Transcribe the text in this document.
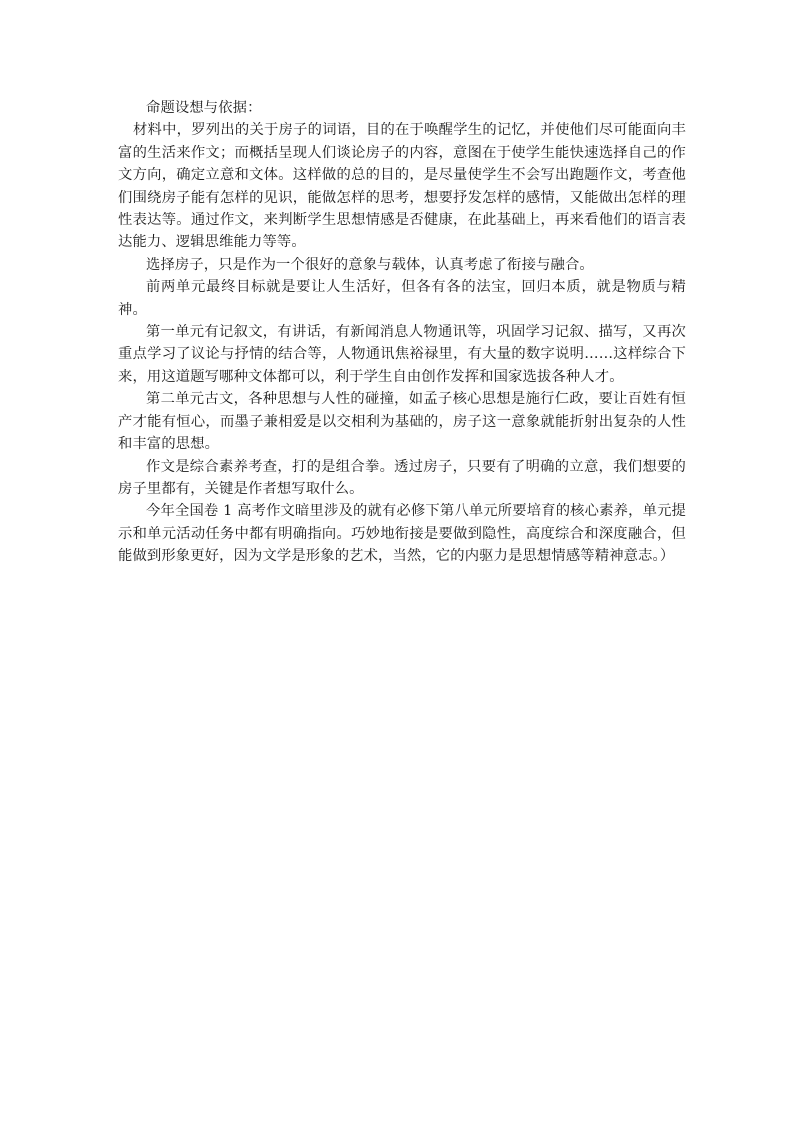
命题设想与依据：

材料中，罗列出的关于房子的词语，目的在于唤醒学生的记忆，并使他们尽可能面向丰富的生活来作文；而概括呈现人们谈论房子的内容，意图在于使学生能快速选择自己的作文方向，确定立意和文体。这样做的总的目的，是尽量使学生不会写出跑题作文，考查他们围绕房子能有怎样的见识，能做怎样的思考，想要抒发怎样的感情，又能做出怎样的理性表达等。通过作文，来判断学生思想情感是否健康，在此基础上，再来看他们的语言表达能力、逻辑思维能力等等。

选择房子，只是作为一个很好的意象与载体，认真考虑了衔接与融合。

前两单元最终目标就是要让人生活好，但各有各的法宝，回归本质，就是物质与精神。

第一单元有记叙文，有讲话，有新闻消息人物通讯等，巩固学习记叙、描写，又再次重点学习了议论与抒情的结合等，人物通讯焦裕禄里，有大量的数字说明……这样综合下来，用这道题写哪种文体都可以，利于学生自由创作发挥和国家选拔各种人才。

第二单元古文，各种思想与人性的碰撞，如孟子核心思想是施行仁政，要让百姓有恒产才能有恒心，而墨子兼相爱是以交相利为基础的，房子这一意象就能折射出复杂的人性和丰富的思想。

作文是综合素养考查，打的是组合拳。透过房子，只要有了明确的立意，我们想要的房子里都有，关键是作者想写取什么。

今年全国卷 1 高考作文暗里涉及的就有必修下第八单元所要培育的核心素养，单元提示和单元活动任务中都有明确指向。巧妙地衔接是要做到隐性，高度综合和深度融合，但能做到形象更好，因为文学是形象的艺术，当然，它的内驱力是思想情感等精神意志。）
